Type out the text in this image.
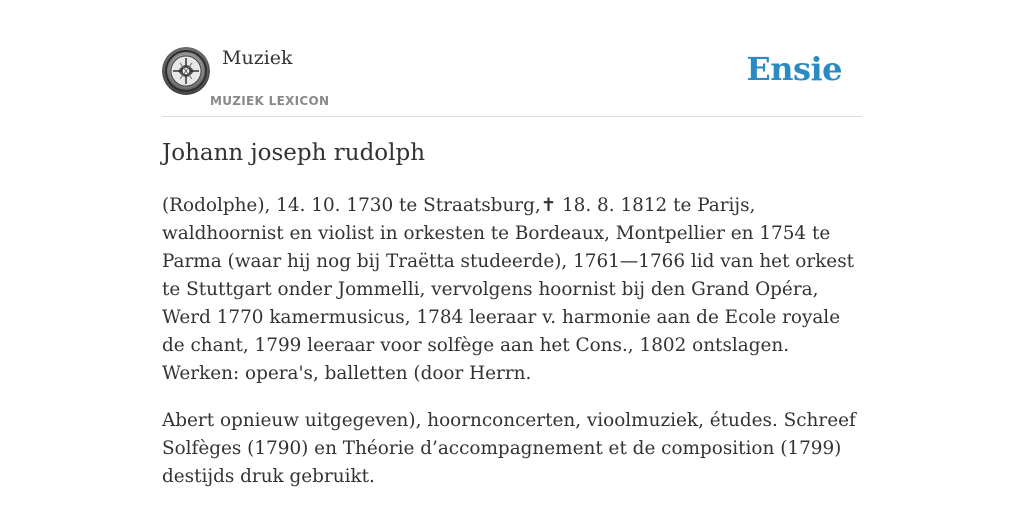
Muziek
MUZIEK LEXICON
Ensie
Johann joseph rudolph

(Rodolphe), 14. 10. 1730 te Straatsburg,✝ 18. 8. 1812 te Parijs, waldhoornist en violist in orkesten te Bordeaux, Montpellier en 1754 te Parma (waar hij nog bij Traëtta studeerde), 1761—1766 lid van het orkest te Stuttgart onder Jommelli, vervolgens hoornist bij den Grand Opéra, Werd 1770 kamermusicus, 1784 leeraar v. harmonie aan de Ecole royale de chant, 1799 leeraar voor solfège aan het Cons., 1802 ontslagen. Werken: opera's, balletten (door Herrn.

Abert opnieuw uitgegeven), hoornconcerten, vioolmuziek, études. Schreef Solfèges (1790) en Théorie d’accompagnement et de composition (1799) destijds druk gebruikt.
